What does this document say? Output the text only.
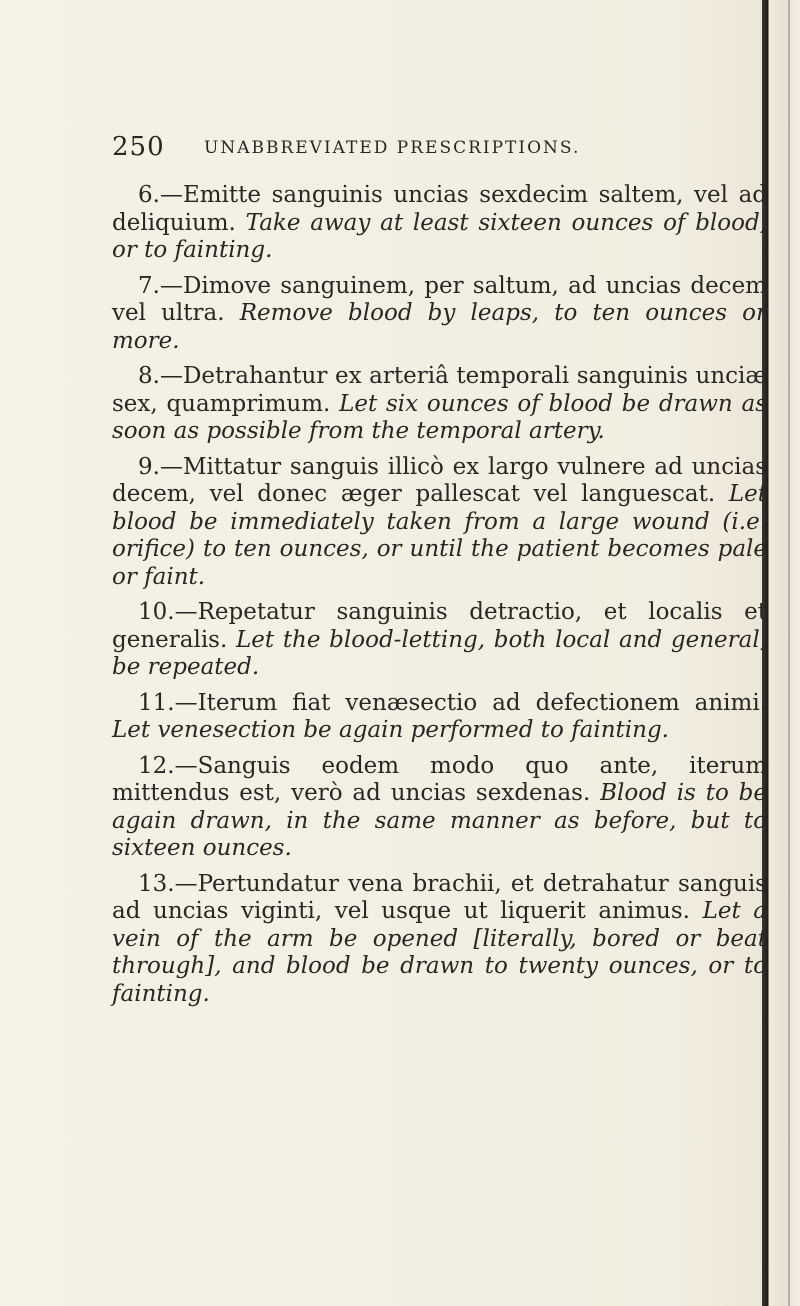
250 UNABBREVIATED PRESCRIPTIONS.

6.—Emitte sanguinis uncias sexdecim saltem, vel ad deliquium. Take away at least sixteen ounces of blood, or to fainting.

7.—Dimove sanguinem, per saltum, ad uncias decem vel ultra. Remove blood by leaps, to ten ounces or more.

8.—Detrahantur ex arteriâ temporali sanguinis unciæ sex, quamprimum. Let six ounces of blood be drawn as soon as possible from the temporal artery.

9.—Mittatur sanguis illicò ex largo vulnere ad uncias decem, vel donec æger pallescat vel languescat. Let blood be immediately taken from a large wound (i.e. orifice) to ten ounces, or until the patient becomes pale or faint.

10.—Repetatur sanguinis detractio, et localis et generalis. Let the blood-letting, both local and general, be repeated.

11.—Iterum fiat venæsectio ad defectionem animi. Let venesection be again performed to fainting.

12.—Sanguis eodem modo quo ante, iterum mittendus est, verò ad uncias sexdenas. Blood is to be again drawn, in the same manner as before, but to sixteen ounces.

13.—Pertundatur vena brachii, et detrahatur sanguis ad uncias viginti, vel usque ut liquerit animus. Let a vein of the arm be opened [literally, bored or beat through], and blood be drawn to twenty ounces, or to fainting.
